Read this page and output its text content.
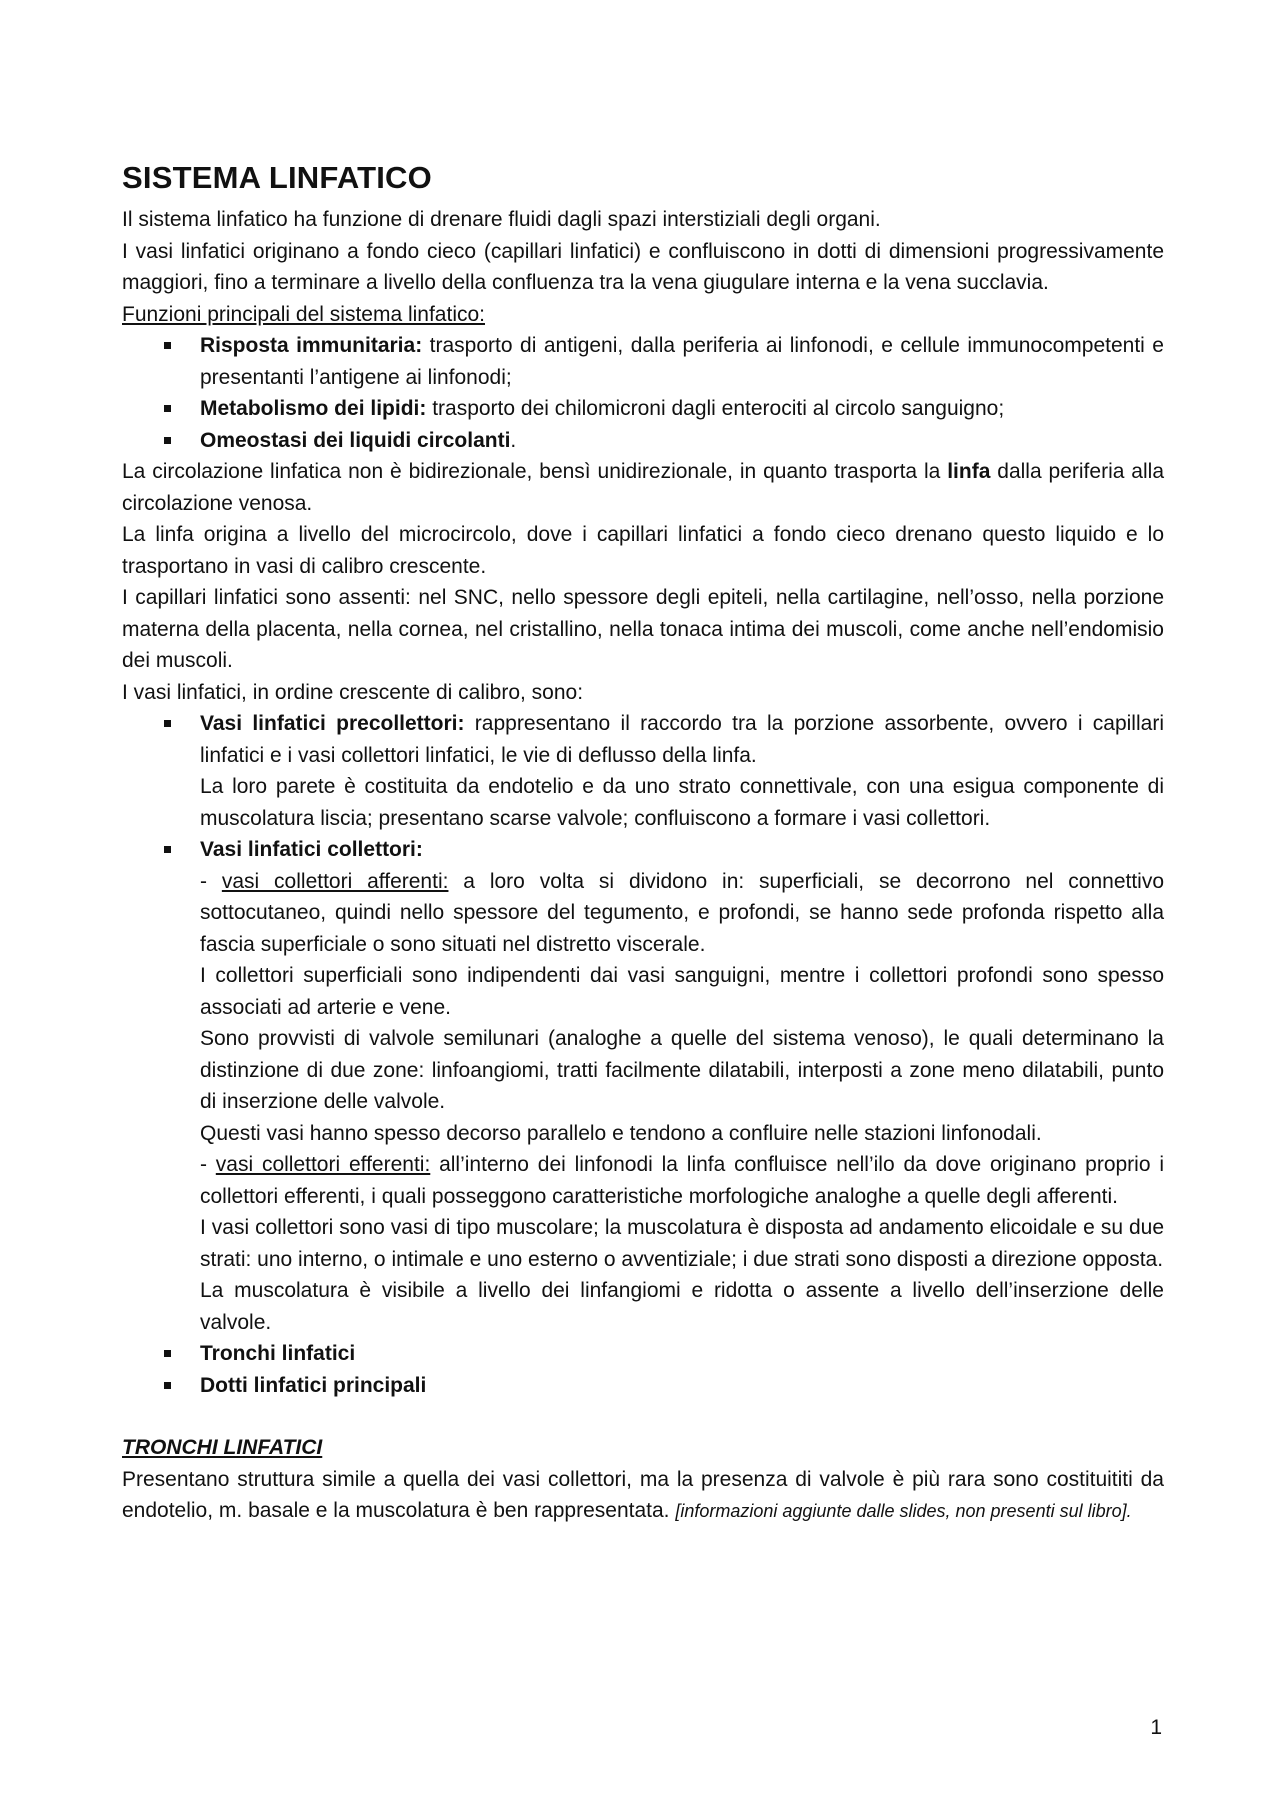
SISTEMA LINFATICO

Il sistema linfatico ha funzione di drenare fluidi dagli spazi interstiziali degli organi.

I vasi linfatici originano a fondo cieco (capillari linfatici) e confluiscono in dotti di dimensioni progressivamente maggiori, fino a terminare a livello della confluenza tra la vena giugulare interna e la vena succlavia.

Funzioni principali del sistema linfatico:

Risposta immunitaria: trasporto di antigeni, dalla periferia ai linfonodi, e cellule immunocompetenti e presentanti l’antigene ai linfonodi;
Metabolismo dei lipidi: trasporto dei chilomicroni dagli enterociti al circolo sanguigno;
Omeostasi dei liquidi circolanti.

La circolazione linfatica non è bidirezionale, bensì unidirezionale, in quanto trasporta la linfa dalla periferia alla circolazione venosa.

La linfa origina a livello del microcircolo, dove i capillari linfatici a fondo cieco drenano questo liquido e lo trasportano in vasi di calibro crescente.

I capillari linfatici sono assenti: nel SNC, nello spessore degli epiteli, nella cartilagine, nell’osso, nella porzione materna della placenta, nella cornea, nel cristallino, nella tonaca intima dei muscoli, come anche nell’endomisio dei muscoli.

I vasi linfatici, in ordine crescente di calibro, sono:

Vasi linfatici precollettori: rappresentano il raccordo tra la porzione assorbente, ovvero i capillari linfatici e i vasi collettori linfatici, le vie di deflusso della linfa.

La loro parete è costituita da endotelio e da uno strato connettivale, con una esigua componente di muscolatura liscia; presentano scarse valvole; confluiscono a formare i vasi collettori.

Vasi linfatici collettori:

- vasi collettori afferenti: a loro volta si dividono in: superficiali, se decorrono nel connettivo sottocutaneo, quindi nello spessore del tegumento, e profondi, se hanno sede profonda rispetto alla fascia superficiale o sono situati nel distretto viscerale.

I collettori superficiali sono indipendenti dai vasi sanguigni, mentre i collettori profondi sono spesso associati ad arterie e vene.

Sono provvisti di valvole semilunari (analoghe a quelle del sistema venoso), le quali determinano la distinzione di due zone: linfoangiomi, tratti facilmente dilatabili, interposti a zone meno dilatabili, punto di inserzione delle valvole.

Questi vasi hanno spesso decorso parallelo e tendono a confluire nelle stazioni linfonodali.

- vasi collettori efferenti: all’interno dei linfonodi la linfa confluisce nell’ilo da dove originano proprio i collettori efferenti, i quali posseggono caratteristiche morfologiche analoghe a quelle degli afferenti.

I vasi collettori sono vasi di tipo muscolare; la muscolatura è disposta ad andamento elicoidale e su due strati: uno interno, o intimale e uno esterno o avventiziale; i due strati sono disposti a direzione opposta.

La muscolatura è visibile a livello dei linfangiomi e ridotta o assente a livello dell’inserzione delle valvole.

Tronchi linfatici
Dotti linfatici principali
TRONCHI LINFATICI

Presentano struttura simile a quella dei vasi collettori, ma la presenza di valvole è più rara sono costituititi da endotelio, m. basale e la muscolatura è ben rappresentata. [informazioni aggiunte dalle slides, non presenti sul libro].

1
